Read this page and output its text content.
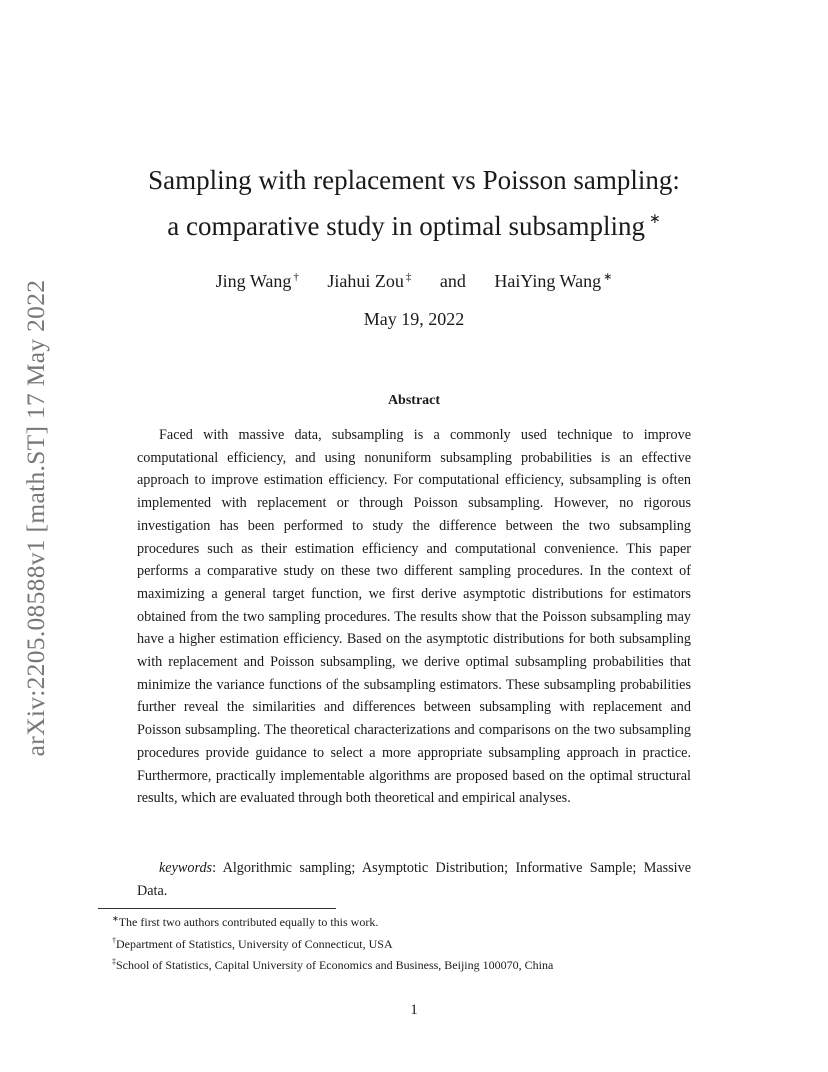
arXiv:2205.08588v1 [math.ST] 17 May 2022
Sampling with replacement vs Poisson sampling:
a comparative study in optimal subsampling ∗
Jing Wang † Jiahui Zou ‡ and HaiYing Wang ∗
May 19, 2022
Abstract

Faced with massive data, subsampling is a commonly used technique to improve computational efficiency, and using nonuniform subsampling probabilities is an effective approach to improve estimation efficiency. For computational efficiency, subsampling is often implemented with replacement or through Poisson subsampling. However, no rigorous investigation has been performed to study the difference between the two subsampling procedures such as their estimation efficiency and computational convenience. This paper performs a comparative study on these two different sampling procedures. In the context of maximizing a general target function, we first derive asymptotic distributions for estimators obtained from the two sampling procedures. The results show that the Poisson subsampling may have a higher estimation efficiency. Based on the asymptotic distributions for both subsampling with replacement and Poisson subsampling, we derive optimal subsampling probabilities that minimize the variance functions of the subsampling estimators. These subsampling probabilities further reveal the similarities and differences between subsampling with replacement and Poisson subsampling. The theoretical characterizations and comparisons on the two subsampling procedures provide guidance to select a more appropriate subsampling approach in practice. Furthermore, practically implementable algorithms are proposed based on the optimal structural results, which are evaluated through both theoretical and empirical analyses.

keywords: Algorithmic sampling; Asymptotic Distribution; Informative Sample; Massive Data.

∗The first two authors contributed equally to this work.
†Department of Statistics, University of Connecticut, USA
‡School of Statistics, Capital University of Economics and Business, Beijing 100070, China
1
